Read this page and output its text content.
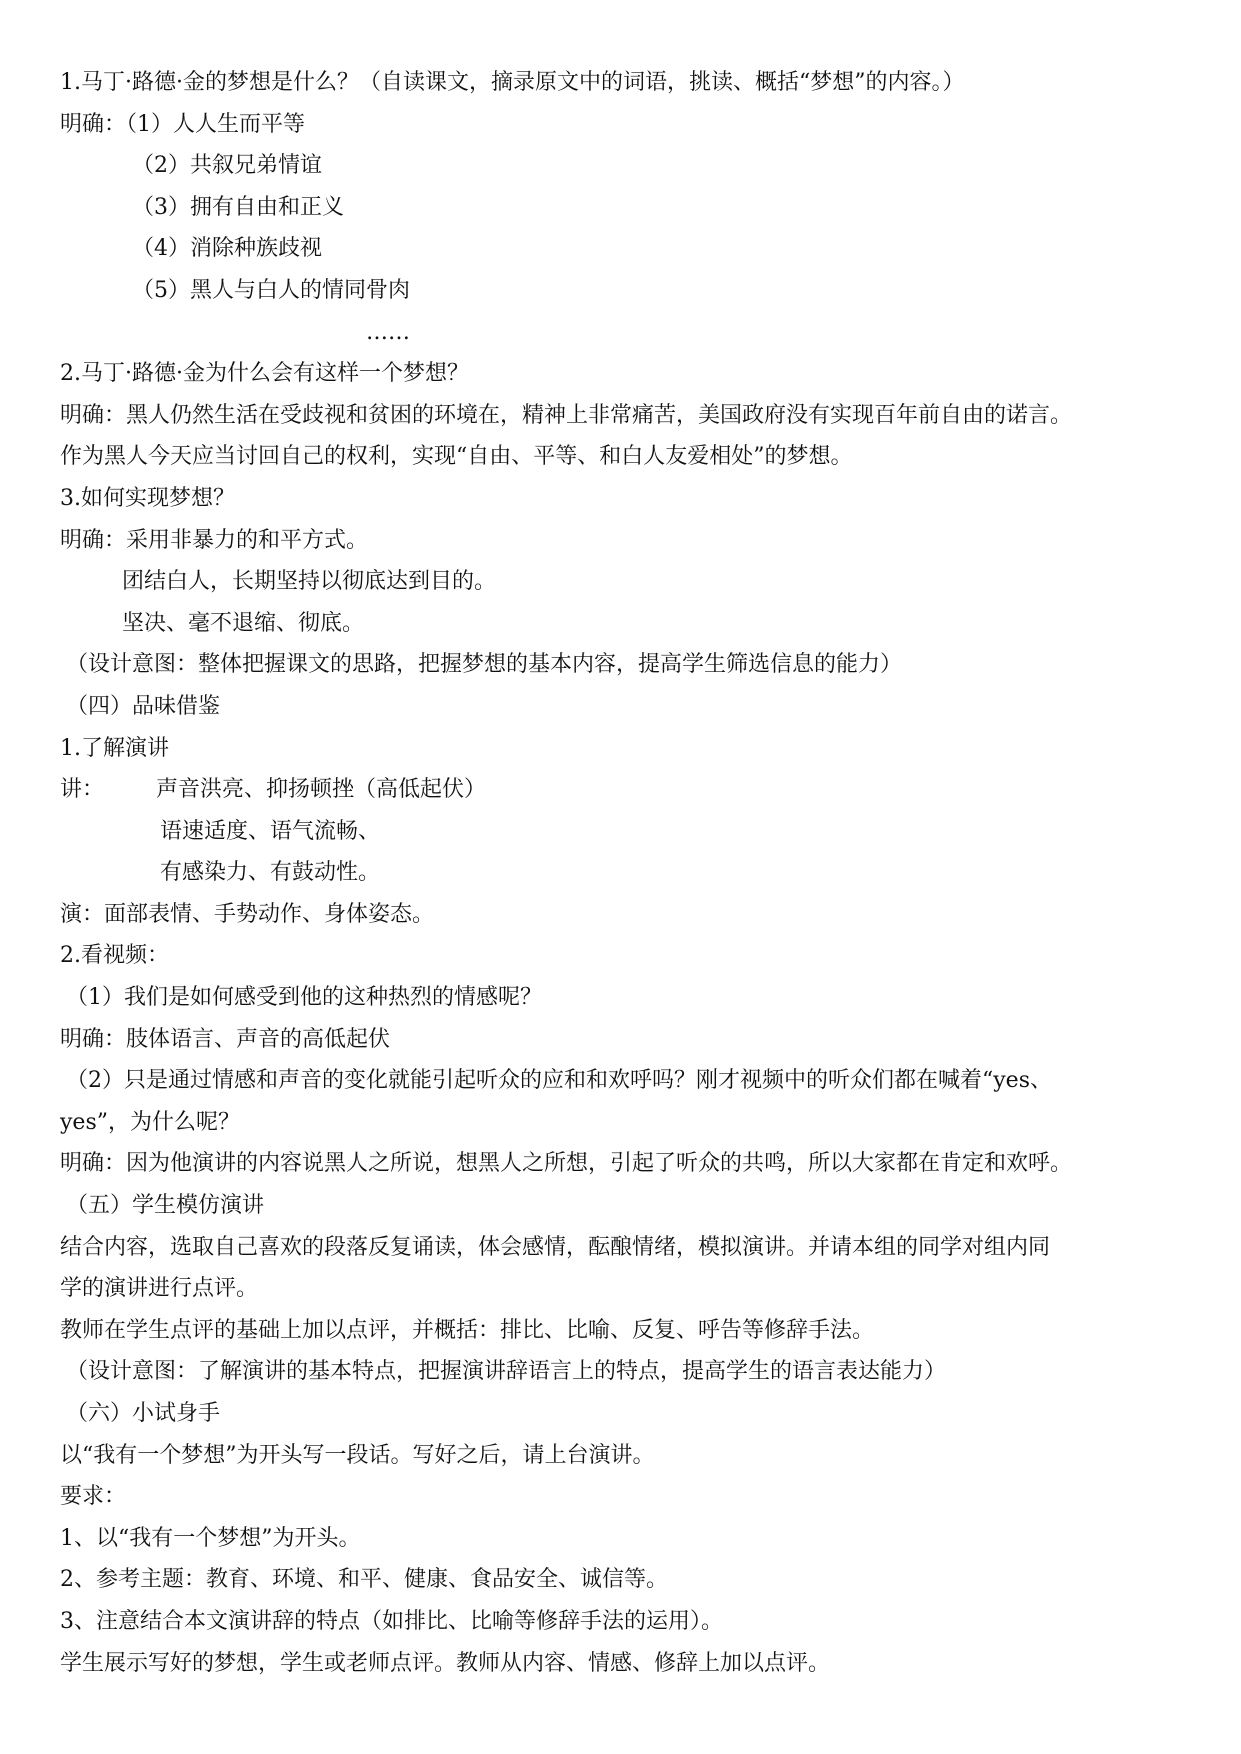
1.马丁·路德·金的梦想是什么？（自读课文，摘录原文中的词语，挑读、概括“梦想”的内容。）
明确：（1）人人生而平等
（2）共叙兄弟情谊
（3）拥有自由和正义
（4）消除种族歧视
（5）黑人与白人的情同骨肉
……
2.马丁·路德·金为什么会有这样一个梦想？
明确：黑人仍然生活在受歧视和贫困的环境在，精神上非常痛苦，美国政府没有实现百年前自由的诺言。
作为黑人今天应当讨回自己的权利，实现“自由、平等、和白人友爱相处”的梦想。
3.如何实现梦想？
明确：采用非暴力的和平方式。
团结白人，长期坚持以彻底达到目的。
坚决、毫不退缩、彻底。
（设计意图：整体把握课文的思路，把握梦想的基本内容，提高学生筛选信息的能力）
（四）品味借鉴
1.了解演讲
讲： 声音洪亮、抑扬顿挫（高低起伏）
语速适度、语气流畅、
有感染力、有鼓动性。
演：面部表情、手势动作、身体姿态。
2.看视频：
（1）我们是如何感受到他的这种热烈的情感呢？
明确：肢体语言、声音的高低起伏
（2）只是通过情感和声音的变化就能引起听众的应和和欢呼吗？刚才视频中的听众们都在喊着“yes、
yes”，为什么呢？
明确：因为他演讲的内容说黑人之所说，想黑人之所想，引起了听众的共鸣，所以大家都在肯定和欢呼。
（五）学生模仿演讲
结合内容，选取自己喜欢的段落反复诵读，体会感情，酝酿情绪，模拟演讲。并请本组的同学对组内同
学的演讲进行点评。
教师在学生点评的基础上加以点评，并概括：排比、比喻、反复、呼告等修辞手法。
（设计意图：了解演讲的基本特点，把握演讲辞语言上的特点，提高学生的语言表达能力）
（六）小试身手
以“我有一个梦想”为开头写一段话。写好之后，请上台演讲。
要求：
1、以“我有一个梦想”为开头。
2、参考主题：教育、环境、和平、健康、食品安全、诚信等。
3、注意结合本文演讲辞的特点（如排比、比喻等修辞手法的运用）。
学生展示写好的梦想，学生或老师点评。教师从内容、情感、修辞上加以点评。
